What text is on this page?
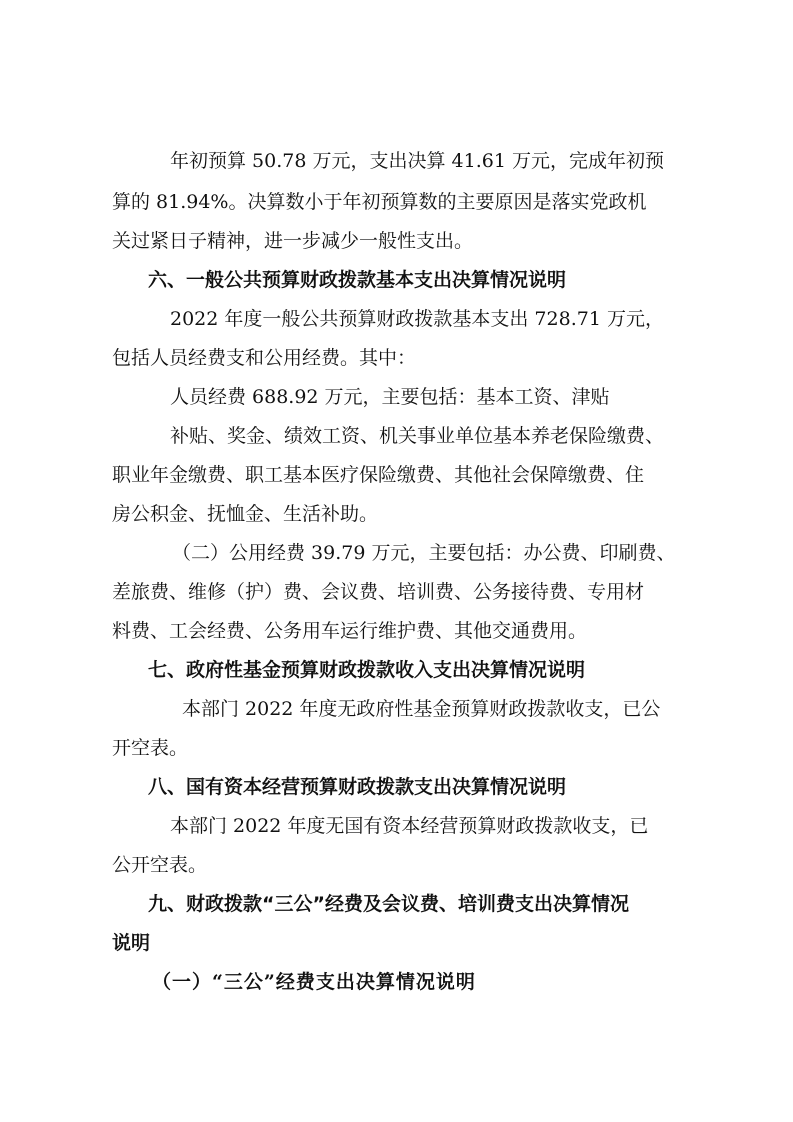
年初预算 50.78 万元，支出决算 41.61 万元，完成年初预
算的 81.94%。决算数小于年初预算数的主要原因是落实党政机
关过紧日子精神，进一步减少一般性支出。
六、一般公共预算财政拨款基本支出决算情况说明
2022 年度一般公共预算财政拨款基本支出 728.71 万元，
包括人员经费支和公用经费。其中：
人员经费 688.92 万元，主要包括：基本工资、津贴
补贴、奖金、绩效工资、机关事业单位基本养老保险缴费、
职业年金缴费、职工基本医疗保险缴费、其他社会保障缴费、住
房公积金、抚恤金、生活补助。
（二）公用经费 39.79 万元，主要包括：办公费、印刷费、
差旅费、维修（护）费、会议费、培训费、公务接待费、专用材
料费、工会经费、公务用车运行维护费、其他交通费用。
七、政府性基金预算财政拨款收入支出决算情况说明
本部门 2022 年度无政府性基金预算财政拨款收支，已公
开空表。
八、国有资本经营预算财政拨款支出决算情况说明
本部门 2022 年度无国有资本经营预算财政拨款收支，已
公开空表。
九、财政拨款“三公”经费及会议费、培训费支出决算情况
说明
（一）“三公”经费支出决算情况说明
